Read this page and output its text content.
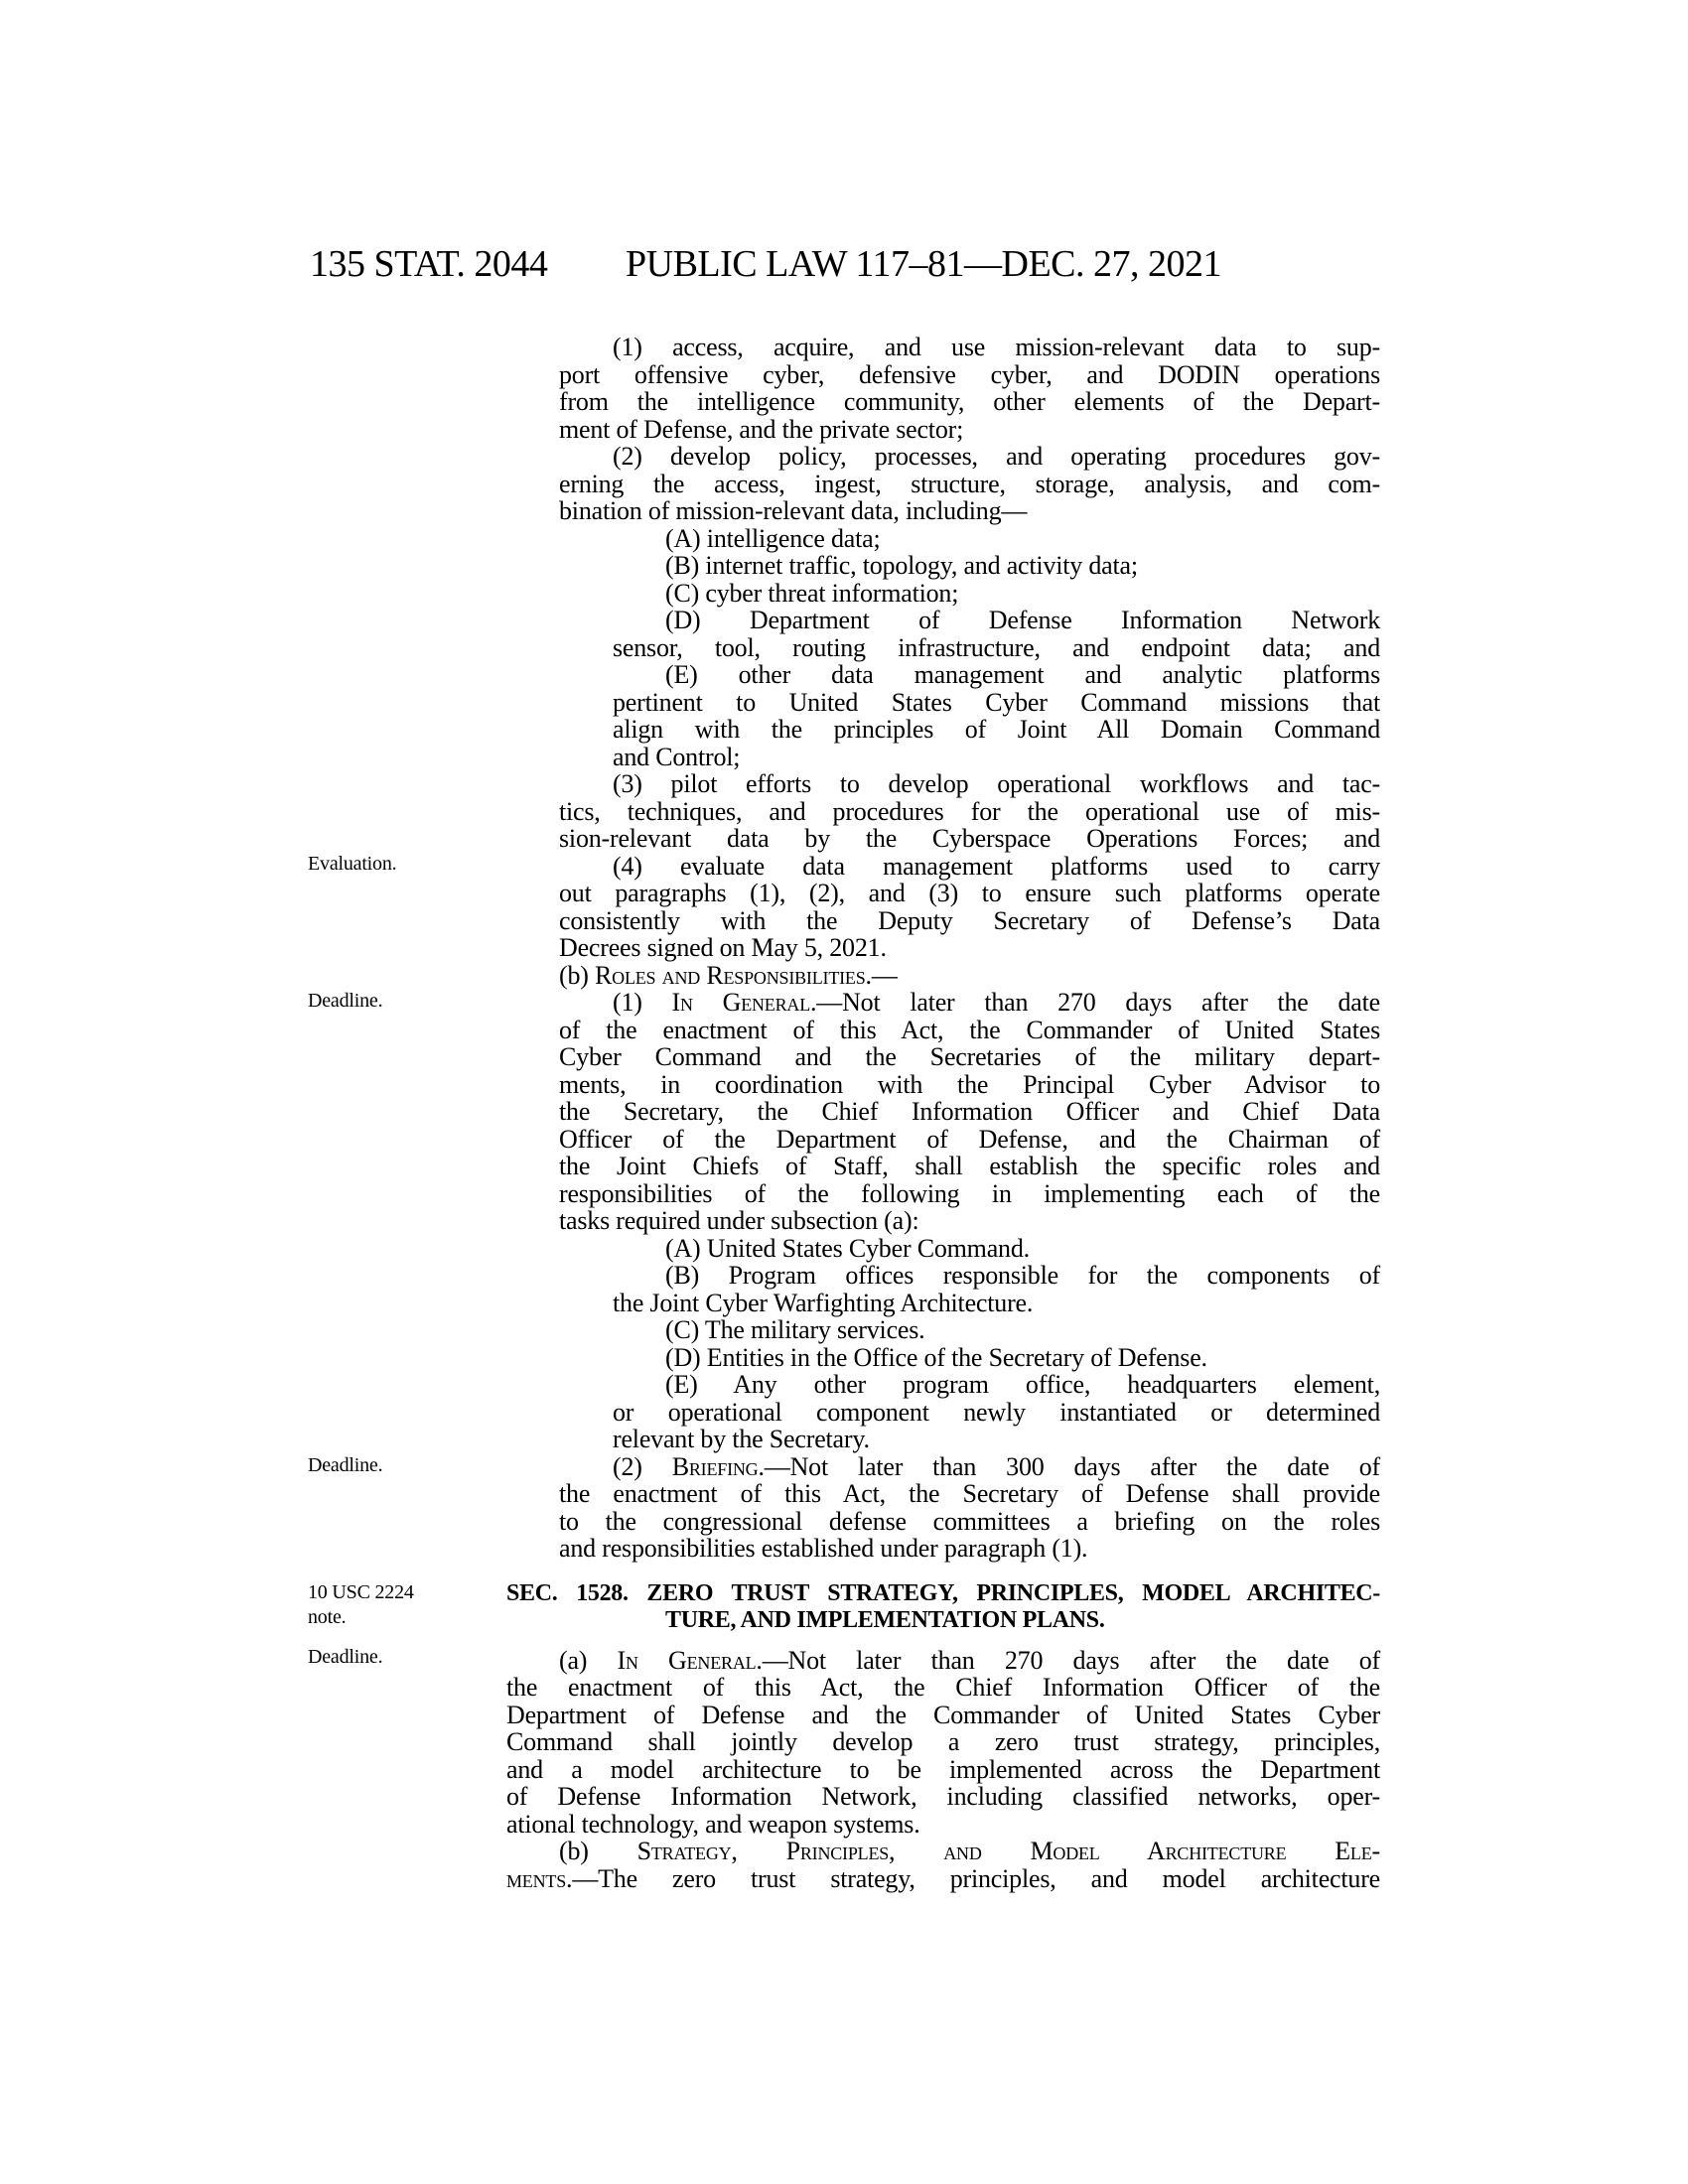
135 STAT. 2044 PUBLIC LAW 117–81—DEC. 27, 2021
Evaluation.
Deadline.
Deadline.
10 USC 2224
note.
Deadline.
(1) access, acquire, and use mission-relevant data to sup-
port offensive cyber, defensive cyber, and DODIN operations
from the intelligence community, other elements of the Depart-
ment of Defense, and the private sector;
(2) develop policy, processes, and operating procedures gov-
erning the access, ingest, structure, storage, analysis, and com-
bination of mission-relevant data, including—
(A) intelligence data;
(B) internet traffic, topology, and activity data;
(C) cyber threat information;
(D) Department of Defense Information Network
sensor, tool, routing infrastructure, and endpoint data; and
(E) other data management and analytic platforms
pertinent to United States Cyber Command missions that
align with the principles of Joint All Domain Command
and Control;
(3) pilot efforts to develop operational workflows and tac-
tics, techniques, and procedures for the operational use of mis-
sion-relevant data by the Cyberspace Operations Forces; and
(4) evaluate data management platforms used to carry
out paragraphs (1), (2), and (3) to ensure such platforms operate
consistently with the Deputy Secretary of Defense’s Data
Decrees signed on May 5, 2021.
(b) Roles and Responsibilities.—
(1) In General.—Not later than 270 days after the date
of the enactment of this Act, the Commander of United States
Cyber Command and the Secretaries of the military depart-
ments, in coordination with the Principal Cyber Advisor to
the Secretary, the Chief Information Officer and Chief Data
Officer of the Department of Defense, and the Chairman of
the Joint Chiefs of Staff, shall establish the specific roles and
responsibilities of the following in implementing each of the
tasks required under subsection (a):
(A) United States Cyber Command.
(B) Program offices responsible for the components of
the Joint Cyber Warfighting Architecture.
(C) The military services.
(D) Entities in the Office of the Secretary of Defense.
(E) Any other program office, headquarters element,
or operational component newly instantiated or determined
relevant by the Secretary.
(2) Briefing.—Not later than 300 days after the date of
the enactment of this Act, the Secretary of Defense shall provide
to the congressional defense committees a briefing on the roles
and responsibilities established under paragraph (1).
SEC. 1528. ZERO TRUST STRATEGY, PRINCIPLES, MODEL ARCHITEC-
TURE, AND IMPLEMENTATION PLANS.
(a) In General.—Not later than 270 days after the date of
the enactment of this Act, the Chief Information Officer of the
Department of Defense and the Commander of United States Cyber
Command shall jointly develop a zero trust strategy, principles,
and a model architecture to be implemented across the Department
of Defense Information Network, including classified networks, oper-
ational technology, and weapon systems.
(b) Strategy, Principles, and Model Architecture Ele-
ments.—The zero trust strategy, principles, and model architecture
